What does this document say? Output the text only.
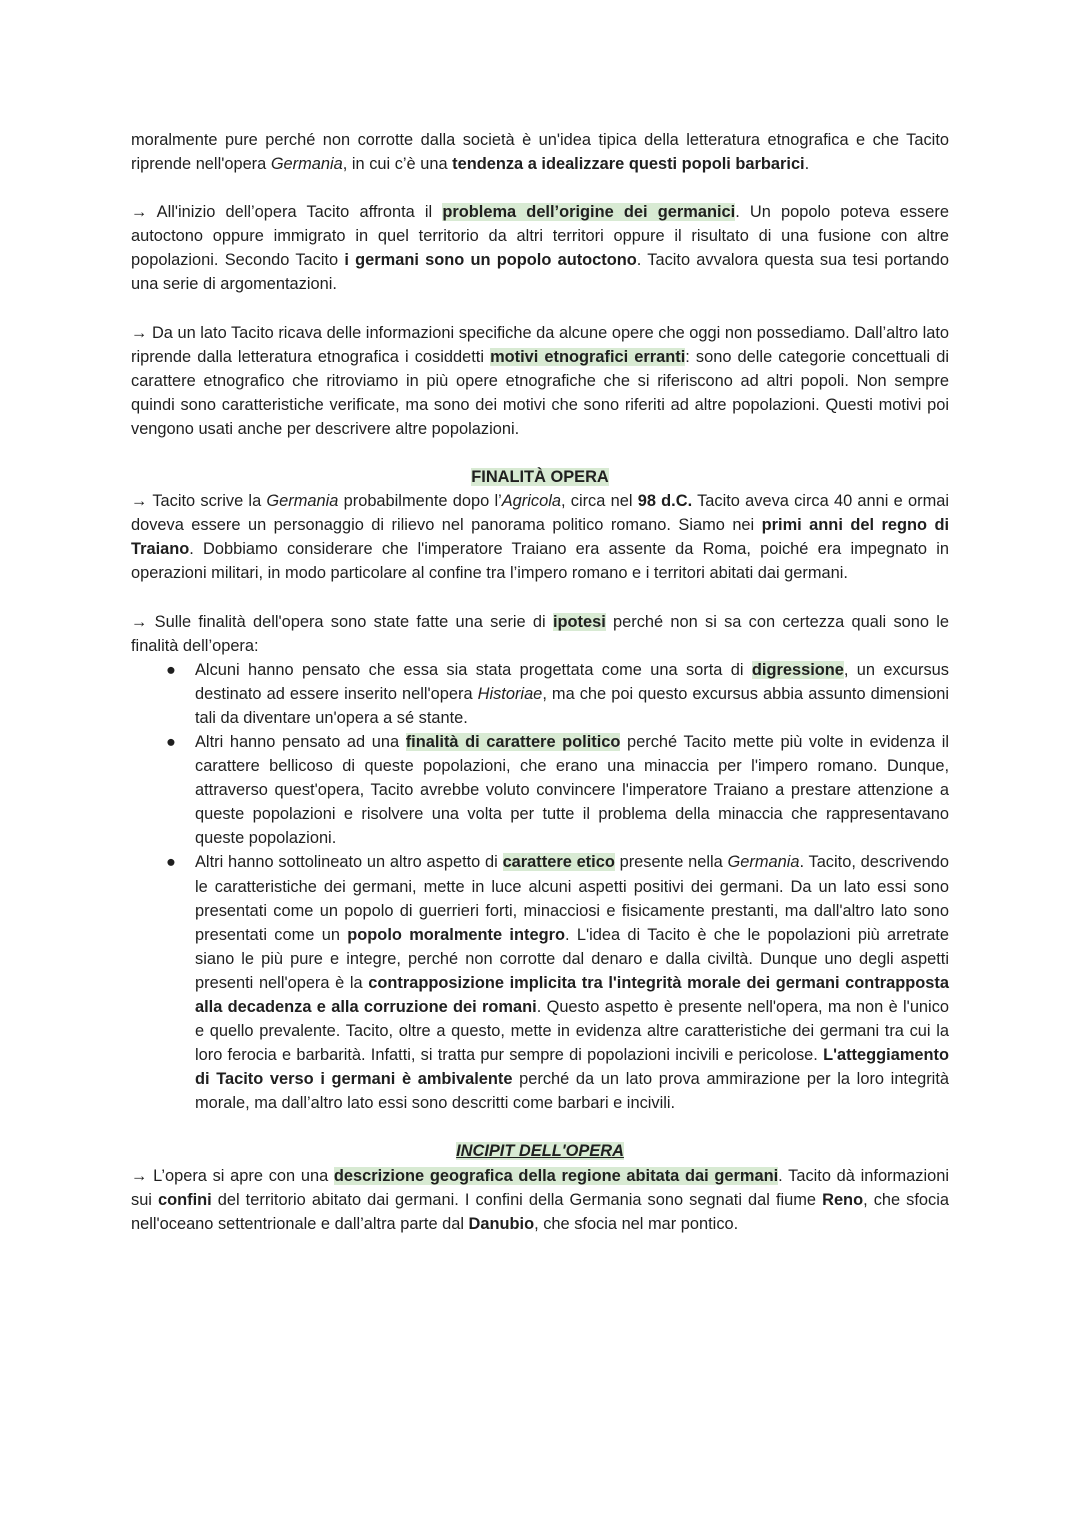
moralmente pure perché non corrotte dalla società è un'idea tipica della letteratura etnografica e che Tacito riprende nell'opera Germania, in cui c’è una tendenza a idealizzare questi popoli barbarici.

→ All'inizio dell’opera Tacito affronta il problema dell’origine dei germanici. Un popolo poteva essere autoctono oppure immigrato in quel territorio da altri territori oppure il risultato di una fusione con altre popolazioni. Secondo Tacito i germani sono un popolo autoctono. Tacito avvalora questa sua tesi portando una serie di argomentazioni.

→ Da un lato Tacito ricava delle informazioni specifiche da alcune opere che oggi non possediamo. Dall’altro lato riprende dalla letteratura etnografica i cosiddetti motivi etnografici erranti: sono delle categorie concettuali di carattere etnografico che ritroviamo in più opere etnografiche che si riferiscono ad altri popoli. Non sempre quindi sono caratteristiche verificate, ma sono dei motivi che sono riferiti ad altre popolazioni. Questi motivi poi vengono usati anche per descrivere altre popolazioni.

FINALITÀ OPERA

→ Tacito scrive la Germania probabilmente dopo l’Agricola, circa nel 98 d.C. Tacito aveva circa 40 anni e ormai doveva essere un personaggio di rilievo nel panorama politico romano. Siamo nei primi anni del regno di Traiano. Dobbiamo considerare che l'imperatore Traiano era assente da Roma, poiché era impegnato in operazioni militari, in modo particolare al confine tra l’impero romano e i territori abitati dai germani.

→ Sulle finalità dell'opera sono state fatte una serie di ipotesi perché non si sa con certezza quali sono le finalità dell’opera:

● Alcuni hanno pensato che essa sia stata progettata come una sorta di digressione, un excursus destinato ad essere inserito nell'opera Historiae, ma che poi questo excursus abbia assunto dimensioni tali da diventare un'opera a sé stante.
● Altri hanno pensato ad una finalità di carattere politico perché Tacito mette più volte in evidenza il carattere bellicoso di queste popolazioni, che erano una minaccia per l'impero romano. Dunque, attraverso quest'opera, Tacito avrebbe voluto convincere l'imperatore Traiano a prestare attenzione a queste popolazioni e risolvere una volta per tutte il problema della minaccia che rappresentavano queste popolazioni.
● Altri hanno sottolineato un altro aspetto di carattere etico presente nella Germania. Tacito, descrivendo le caratteristiche dei germani, mette in luce alcuni aspetti positivi dei germani. Da un lato essi sono presentati come un popolo di guerrieri forti, minacciosi e fisicamente prestanti, ma dall'altro lato sono presentati come un popolo moralmente integro. L'idea di Tacito è che le popolazioni più arretrate siano le più pure e integre, perché non corrotte dal denaro e dalla civiltà. Dunque uno degli aspetti presenti nell'opera è la contrapposizione implicita tra l'integrità morale dei germani contrapposta alla decadenza e alla corruzione dei romani. Questo aspetto è presente nell'opera, ma non è l'unico e quello prevalente. Tacito, oltre a questo, mette in evidenza altre caratteristiche dei germani tra cui la loro ferocia e barbarità. Infatti, si tratta pur sempre di popolazioni incivili e pericolose. L'atteggiamento di Tacito verso i germani è ambivalente perché da un lato prova ammirazione per la loro integrità morale, ma dall’altro lato essi sono descritti come barbari e incivili.

INCIPIT DELL'OPERA

→ L’opera si apre con una descrizione geografica della regione abitata dai germani. Tacito dà informazioni sui confini del territorio abitato dai germani. I confini della Germania sono segnati dal fiume Reno, che sfocia nell'oceano settentrionale e dall’altra parte dal Danubio, che sfocia nel mar pontico.
